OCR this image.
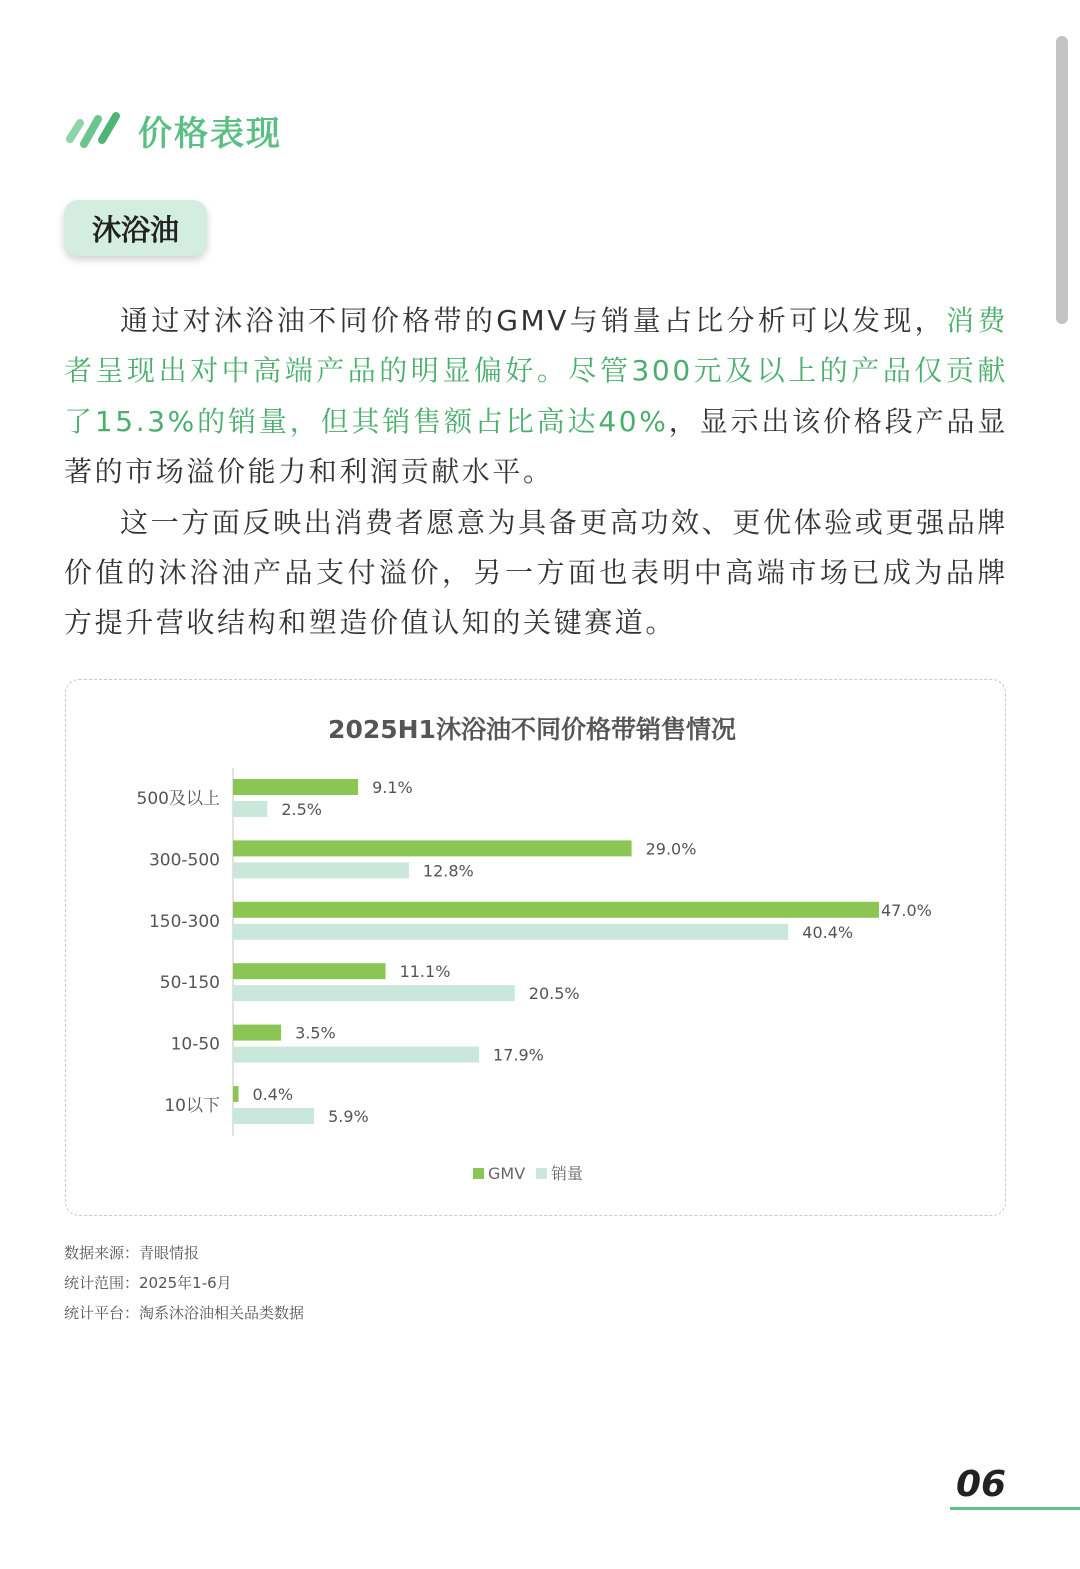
价格表现
沐浴油

通过对沐浴油不同价格带的GMV与销量占比分析可以发现，消费者呈现出对中高端产品的明显偏好。尽管300元及以上的产品仅贡献了15.3%的销量，但其销售额占比高达40%，显示出该价格段产品显著的市场溢价能力和利润贡献水平。

这一方面反映出消费者愿意为具备更高功效、更优体验或更强品牌价值的沐浴油产品支付溢价，另一方面也表明中高端市场已成为品牌方提升营收结构和塑造价值认知的关键赛道。

2025H1沐浴油不同价格带销售情况
500及以上
9.1%
2.5%
300-500
29.0%
12.8%
150-300
47.0%
40.4%
50-150
11.1%
20.5%
10-50
3.5%
17.9%
10以下
0.4%
5.9%
GMV 销量
数据来源：青眼情报
统计范围：2025年1-6月
统计平台：淘系沐浴油相关品类数据
06
